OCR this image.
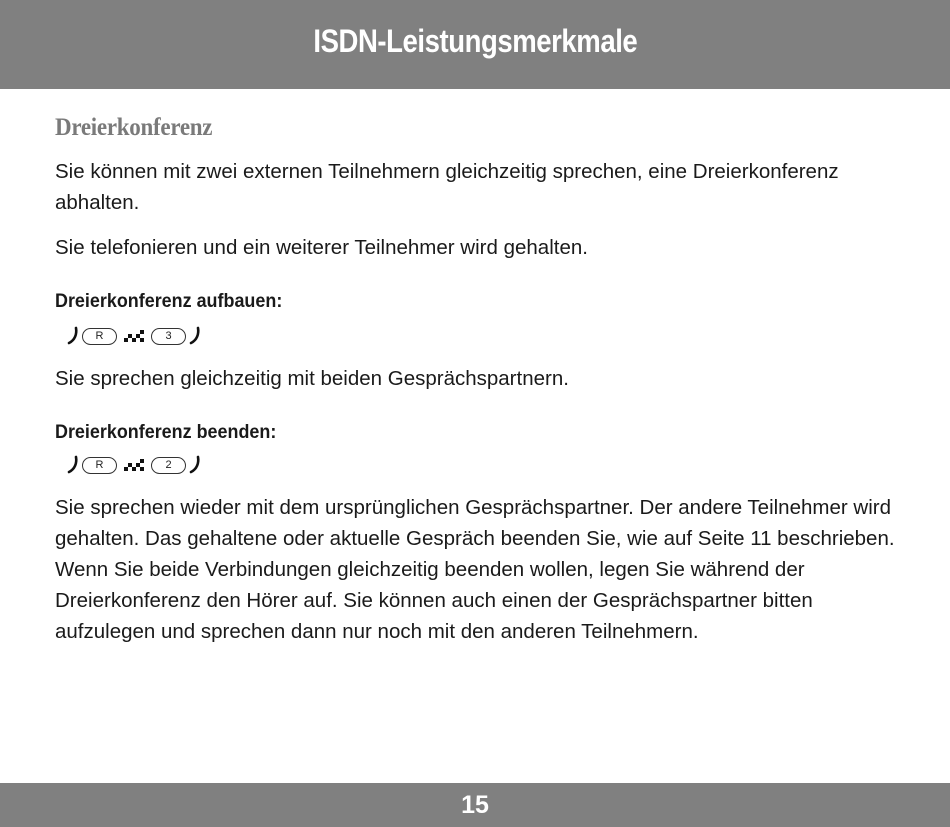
ISDN-Leistungsmerkmale
Dreierkonferenz

Sie können mit zwei externen Teilnehmern gleichzeitig sprechen, eine Dreierkonferenz abhalten.

Sie telefonieren und ein weiterer Teilnehmer wird gehalten.

Dreierkonferenz aufbauen:
R	3

Sie sprechen gleichzeitig mit beiden Gesprächspartnern.

Dreierkonferenz beenden:
R	2

Sie sprechen wieder mit dem ursprünglichen Gesprächspartner. Der andere Teilnehmer wird gehalten. Das gehaltene oder aktuelle Gespräch beenden Sie, wie auf Seite 11 beschrieben. Wenn Sie beide Verbindungen gleichzeitig beenden wollen, legen Sie während der Dreierkonferenz den Hörer auf. Sie können auch einen der Gesprächspartner bitten aufzulegen und sprechen dann nur noch mit den anderen Teilnehmern.

15
